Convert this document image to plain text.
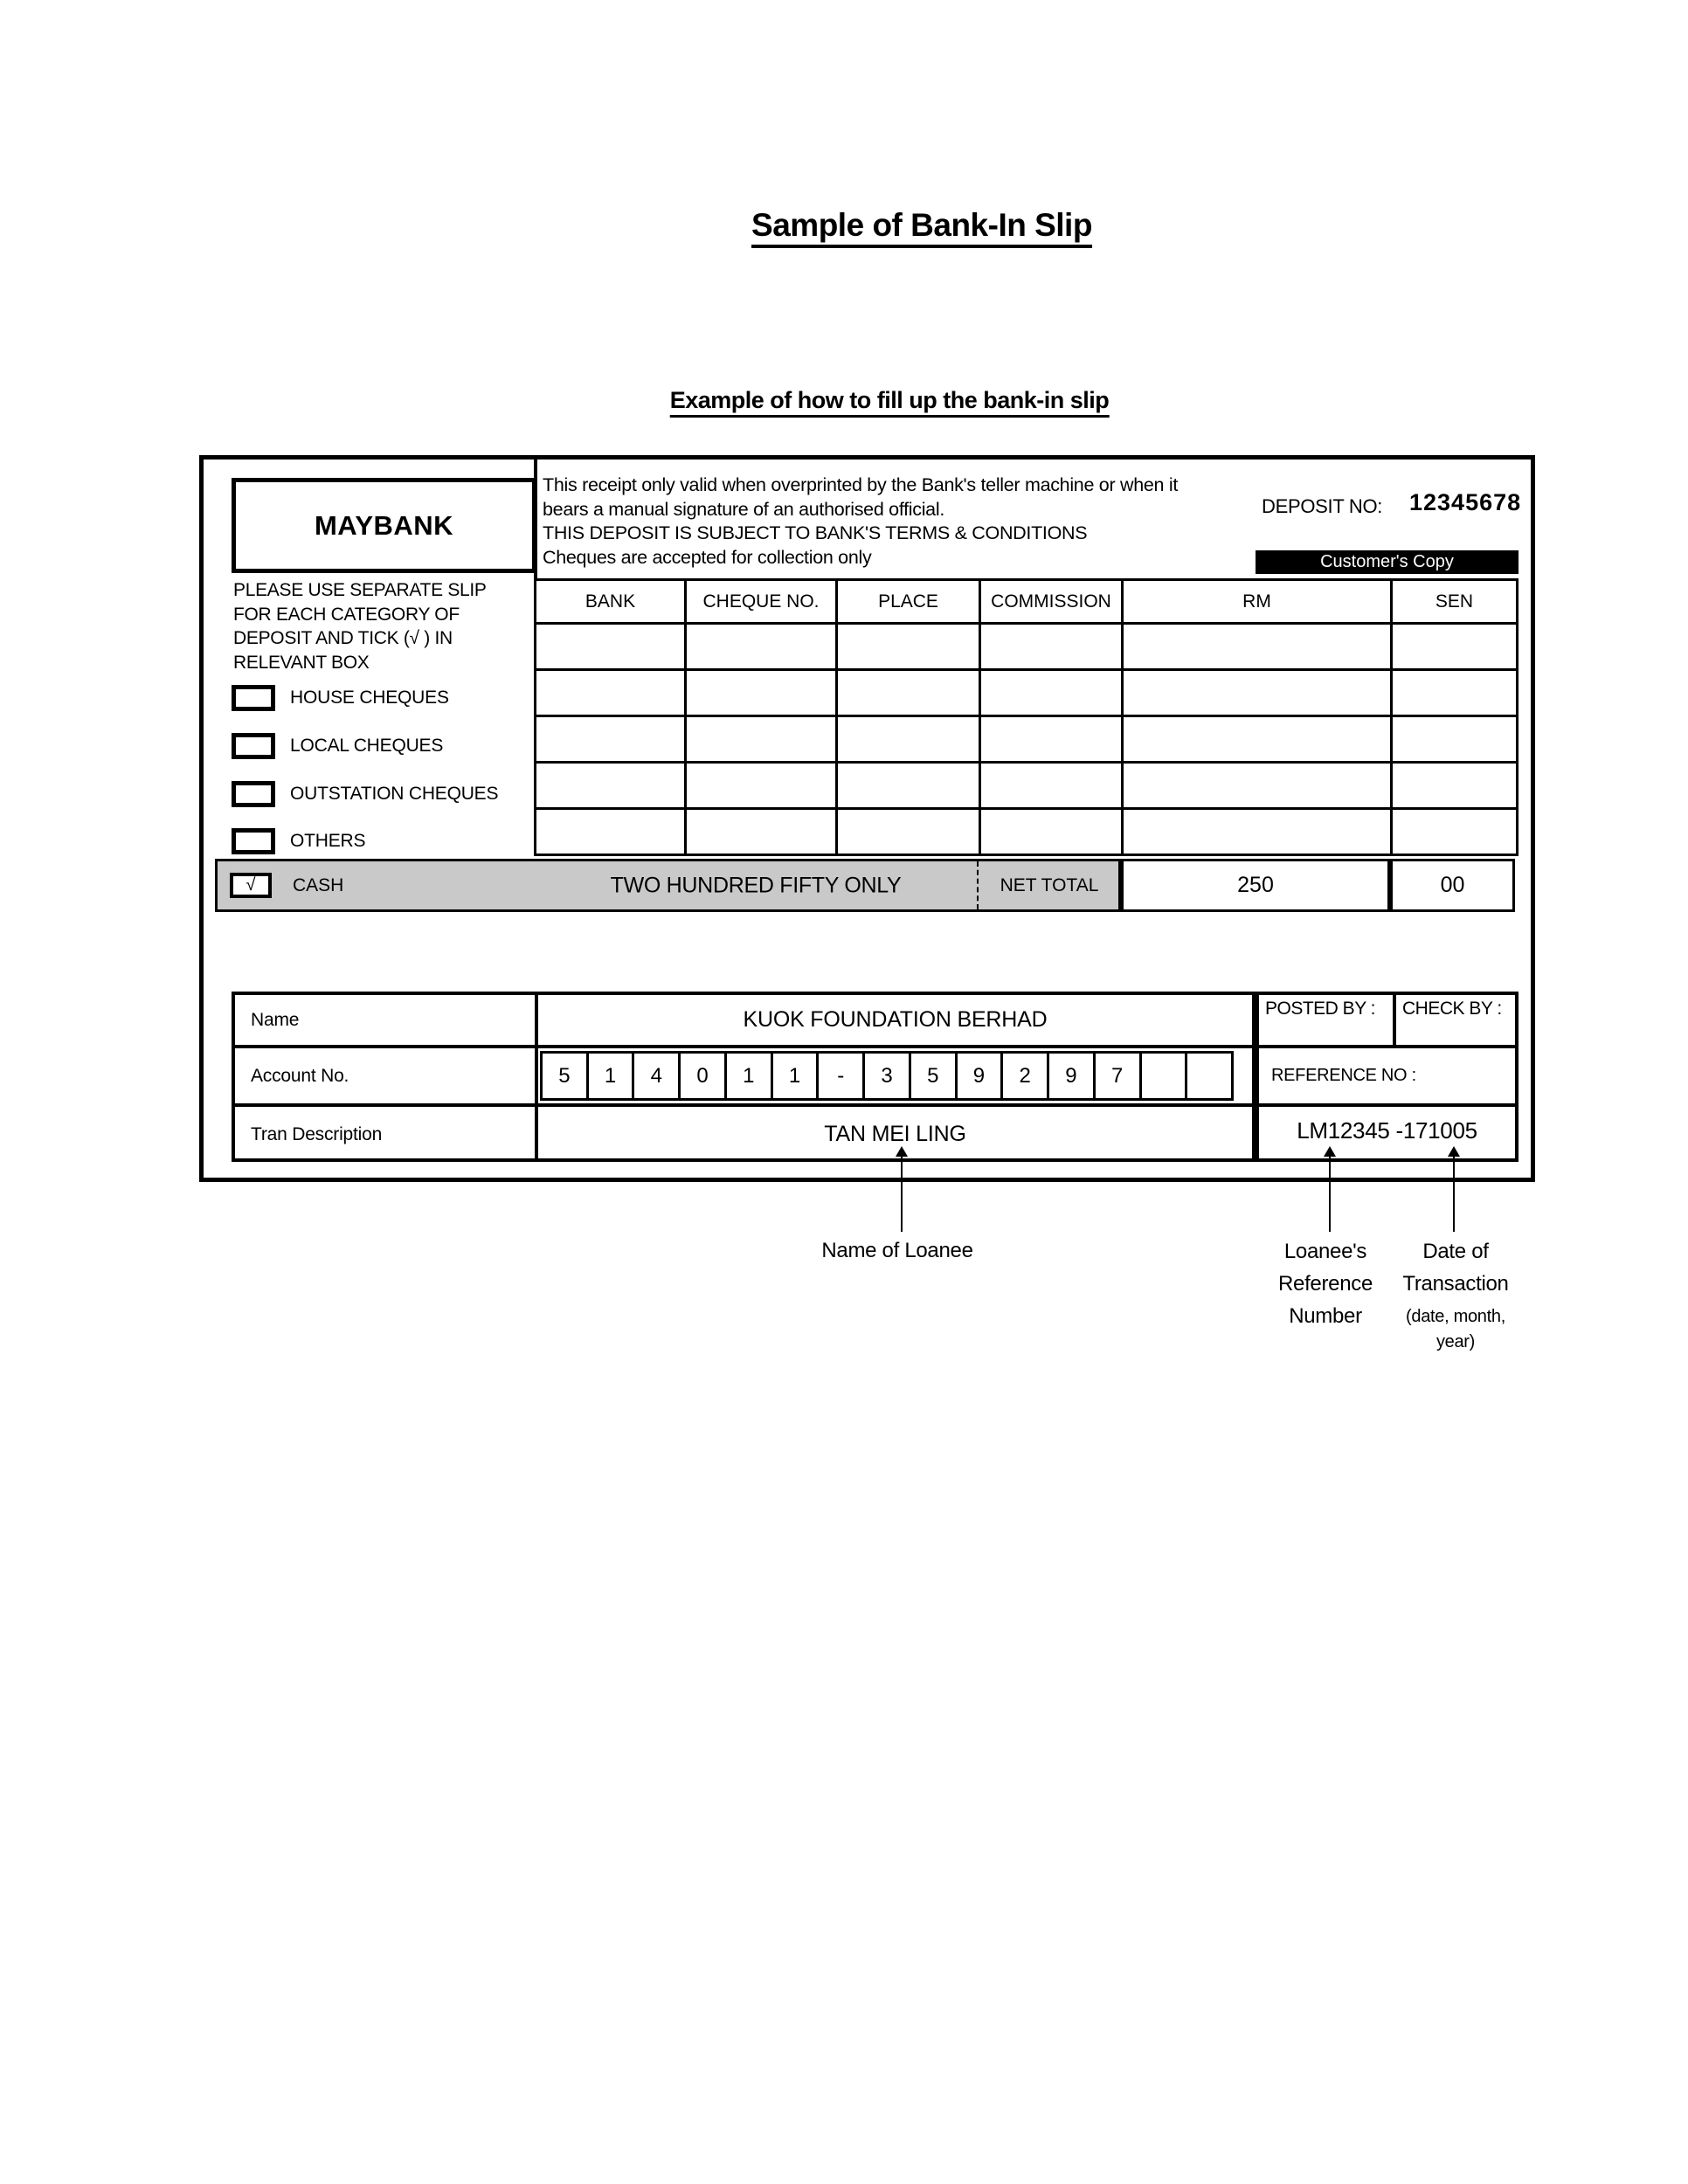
Sample of Bank-In Slip
Example of how to fill up the bank-in slip
MAYBANK
This receipt only valid when overprinted by the Bank's teller machine or when it
bears a manual signature of an authorised official.
THIS DEPOSIT IS SUBJECT TO BANK'S TERMS & CONDITIONS
Cheques are accepted for collection only
DEPOSIT NO: 12345678
Customer's Copy
PLEASE USE SEPARATE SLIP
FOR EACH CATEGORY OF
DEPOSIT AND TICK (√ ) IN
RELEVANT BOX
HOUSE CHEQUES
LOCAL CHEQUES
OUTSTATION CHEQUES
OTHERS
BANK	CHEQUE NO.	PLACE	COMMISSION	RM	SEN

√ CASH	TWO HUNDRED FIFTY ONLY	NET TOTAL	250	00
Name	KUOK FOUNDATION BERHAD
Account No.	5	1	4	0	1	1	-	3	5	9	2	9	7
Tran Description	TAN MEI LING
POSTED BY :	CHECK BY :
REFERENCE NO :
LM12345 -171005
Name of Loanee	Loanee's
Reference
Number
Date of
Transaction
(date, month,
year)
